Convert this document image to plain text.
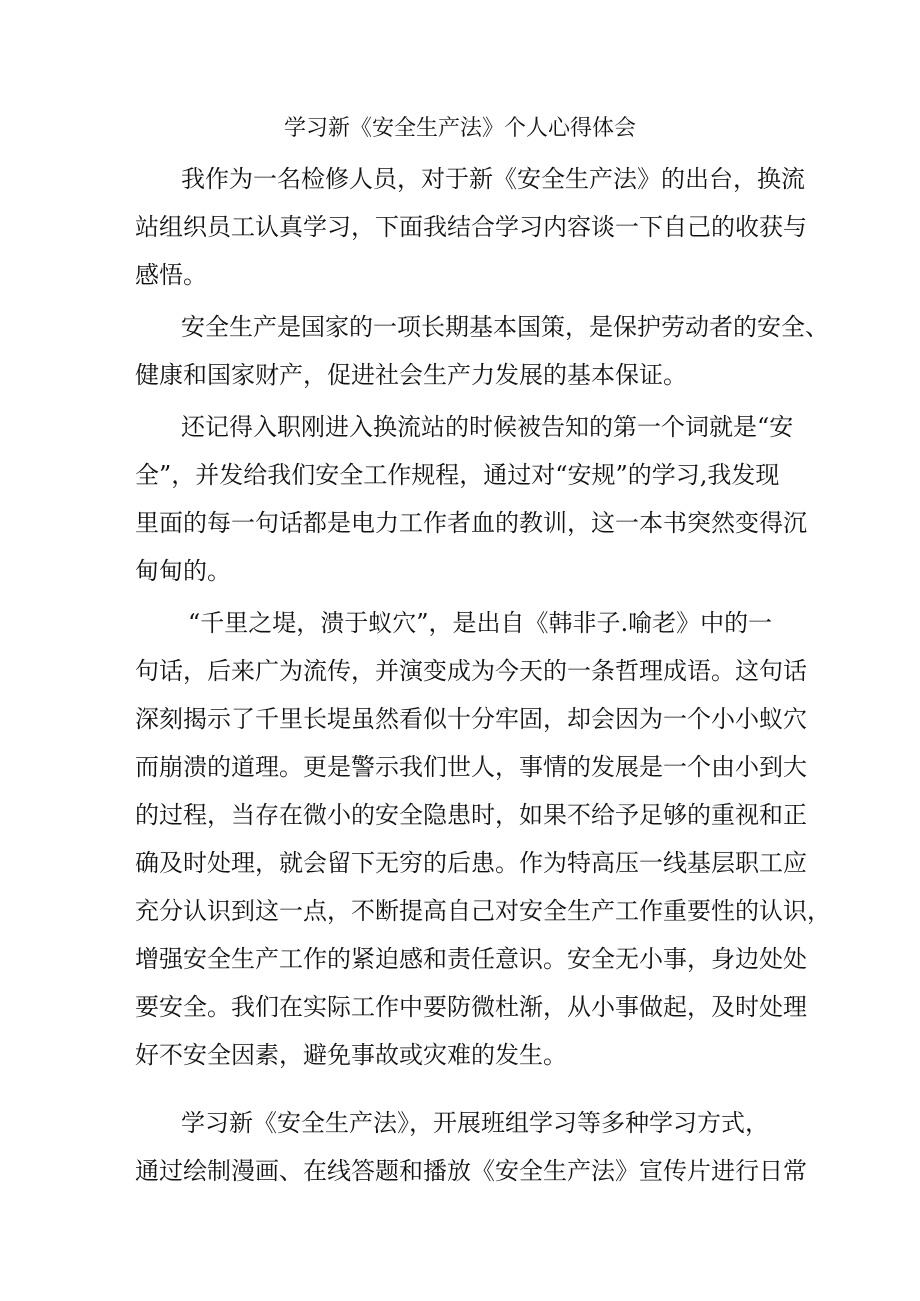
学习新《安全生产法》个人心得体会
我作为一名检修人员，对于新《安全生产法》的出台，换流
站组织员工认真学习，下面我结合学习内容谈一下自己的收获与
感悟。
安全生产是国家的一项长期基本国策，是保护劳动者的安全、
健康和国家财产，促进社会生产力发展的基本保证。
还记得入职刚进入换流站的时候被告知的第一个词就是“安
全”，并发给我们安全工作规程，通过对“安规”的学习,我发现
里面的每一句话都是电力工作者血的教训，这一本书突然变得沉
甸甸的。
“千里之堤，溃于蚁穴”，是出自《韩非子.喻老》中的一
句话，后来广为流传，并演变成为今天的一条哲理成语。这句话
深刻揭示了千里长堤虽然看似十分牢固，却会因为一个小小蚁穴
而崩溃的道理。更是警示我们世人，事情的发展是一个由小到大
的过程，当存在微小的安全隐患时，如果不给予足够的重视和正
确及时处理，就会留下无穷的后患。作为特高压一线基层职工应
充分认识到这一点，不断提高自己对安全生产工作重要性的认识，
增强安全生产工作的紧迫感和责任意识。安全无小事，身边处处
要安全。我们在实际工作中要防微杜渐，从小事做起，及时处理
好不安全因素，避免事故或灾难的发生。
学习新《安全生产法》，开展班组学习等多种学习方式，
通过绘制漫画、在线答题和播放《安全生产法》宣传片进行日常
